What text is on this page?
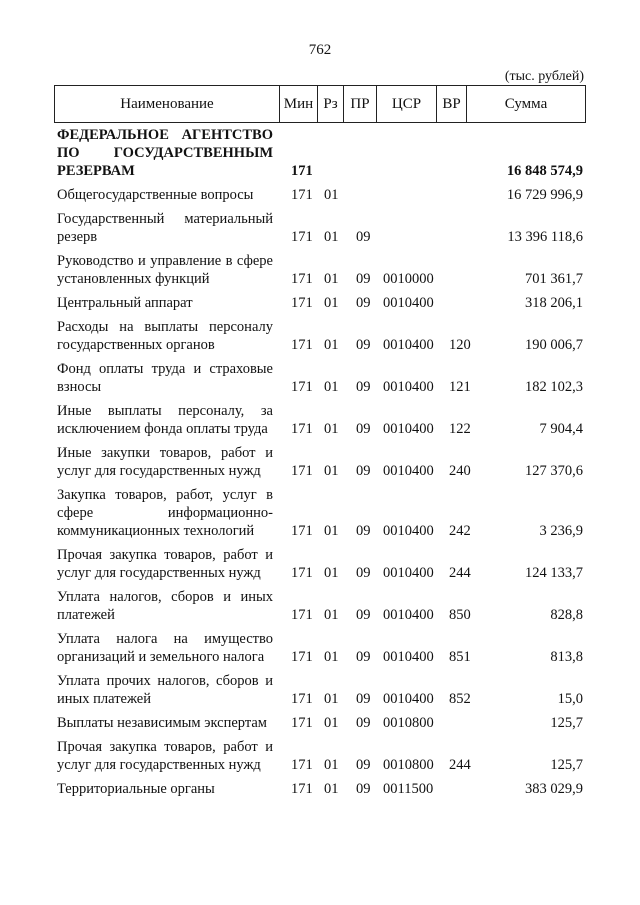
762
(тыс. рублей)
Наименование	Мин Рз ПР	ЦСР	ВР	Сумма
ФЕДЕРАЛЬНОЕ АГЕНТСТВО ПО ГОСУДАРСТВЕННЫМ РЕЗЕРВАМ	171	16 848 574,9
Общегосударственные вопросы	171 01	16 729 996,9
Государственный материальный резерв	171 01 09	13 396 118,6
Руководство и управление в сфере установленных функций	171 01 09 0010000	701 361,7
Центральный аппарат	171 01 09 0010400	318 206,1
Расходы на выплаты персоналу государственных органов	171 01 09 0010400 120	190 006,7
Фонд оплаты труда и страховые взносы	171 01 09 0010400 121	182 102,3
Иные выплаты персоналу, за исключением фонда оплаты труда	171 01 09 0010400 122	7 904,4
Иные закупки товаров, работ и услуг для государственных нужд	171 01 09 0010400 240	127 370,6
Закупка товаров, работ, услуг в сфере информационно-коммуникационных технологий	171 01 09 0010400 242	3 236,9
Прочая закупка товаров, работ и услуг для государственных нужд	171 01 09 0010400 244	124 133,7
Уплата налогов, сборов и иных платежей	171 01 09 0010400 850	828,8
Уплата налога на имущество организаций и земельного налога	171 01 09 0010400 851	813,8
Уплата прочих налогов, сборов и иных платежей	171 01 09 0010400 852	15,0
Выплаты независимым экспертам	171 01 09 0010800	125,7
Прочая закупка товаров, работ и услуг для государственных нужд	171 01 09 0010800 244	125,7
Территориальные органы	171 01 09 0011500	383 029,9
